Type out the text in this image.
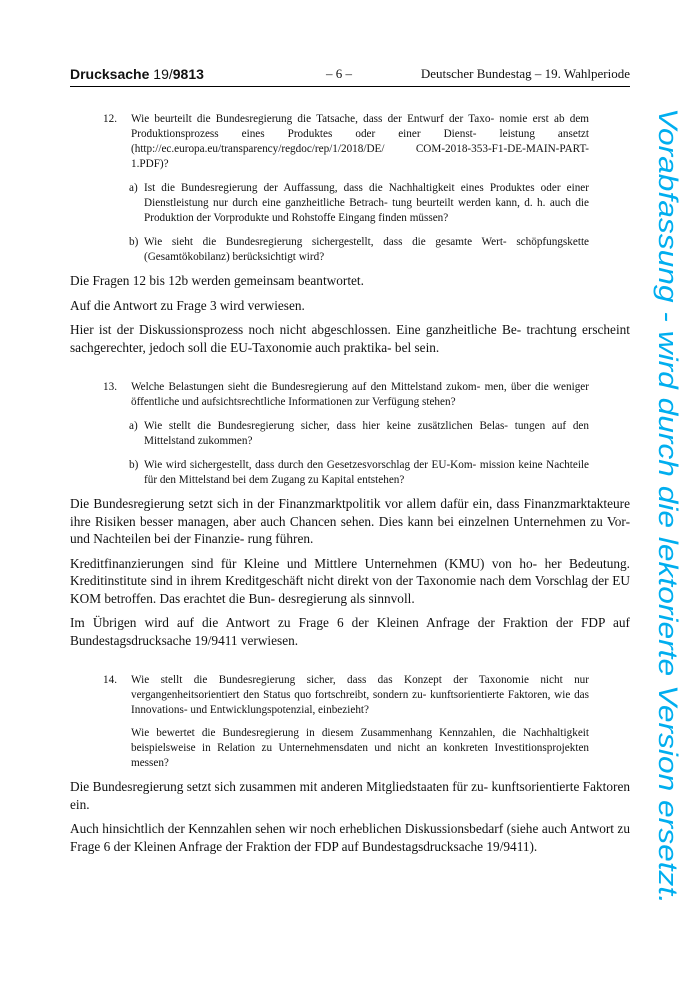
Drucksache 19/9813	– 6 –	Deutscher Bundestag – 19. Wahlperiode
12. Wie beurteilt die Bundesregierung die Tatsache, dass der Entwurf der Taxo- nomie erst ab dem Produktionsprozess eines Produktes oder einer Dienst- leistung ansetzt (http://ec.europa.eu/transparency/regdoc/rep/1/2018/DE/	COM-2018-353-F1-DE-MAIN-PART-1.PDF)?
a) Ist die Bundesregierung der Auffassung, dass die Nachhaltigkeit eines Produktes oder einer Dienstleistung nur durch eine ganzheitliche Betrach- tung beurteilt werden kann, d. h. auch die Produktion der Vorprodukte und Rohstoffe Eingang finden müssen?
b) Wie sieht die Bundesregierung sichergestellt, dass die gesamte Wert- schöpfungskette (Gesamtökobilanz) berücksichtigt wird?

Die Fragen 12 bis 12b werden gemeinsam beantwortet.

Auf die Antwort zu Frage 3 wird verwiesen.

Hier ist der Diskussionsprozess noch nicht abgeschlossen. Eine ganzheitliche Be- trachtung erscheint sachgerechter, jedoch soll die EU-Taxonomie auch praktika- bel sein.

13. Welche Belastungen sieht die Bundesregierung auf den Mittelstand zukom- men, über die weniger öffentliche und aufsichtsrechtliche Informationen zur Verfügung stehen?
a) Wie stellt die Bundesregierung sicher, dass hier keine zusätzlichen Belas- tungen auf den Mittelstand zukommen?
b) Wie wird sichergestellt, dass durch den Gesetzesvorschlag der EU-Kom- mission keine Nachteile für den Mittelstand bei dem Zugang zu Kapital entstehen?

Die Bundesregierung setzt sich in der Finanzmarktpolitik vor allem dafür ein, dass Finanzmarktakteure ihre Risiken besser managen, aber auch Chancen sehen. Dies kann bei einzelnen Unternehmen zu Vor- und Nachteilen bei der Finanzie- rung führen.

Kreditfinanzierungen sind für Kleine und Mittlere Unternehmen (KMU) von ho- her Bedeutung. Kreditinstitute sind in ihrem Kreditgeschäft nicht direkt von der Taxonomie nach dem Vorschlag der EU KOM betroffen. Das erachtet die Bun- desregierung als sinnvoll.

Im Übrigen wird auf die Antwort zu Frage 6 der Kleinen Anfrage der Fraktion der FDP auf Bundestagsdrucksache 19/9411 verwiesen.

14. Wie stellt die Bundesregierung sicher, dass das Konzept der Taxonomie nicht nur vergangenheitsorientiert den Status quo fortschreibt, sondern zu- kunftsorientierte Faktoren, wie das Innovations- und Entwicklungspotenzial, einbezieht?
Wie bewertet die Bundesregierung in diesem Zusammenhang Kennzahlen, die Nachhaltigkeit beispielsweise in Relation zu Unternehmensdaten und nicht an konkreten Investitionsprojekten messen?

Die Bundesregierung setzt sich zusammen mit anderen Mitgliedstaaten für zu- kunftsorientierte Faktoren ein.

Auch hinsichtlich der Kennzahlen sehen wir noch erheblichen Diskussionsbedarf (siehe auch Antwort zu Frage 6 der Kleinen Anfrage der Fraktion der FDP auf Bundestagsdrucksache 19/9411).

Vorabfassung - wird durch die lektorierte Version ersetzt.
